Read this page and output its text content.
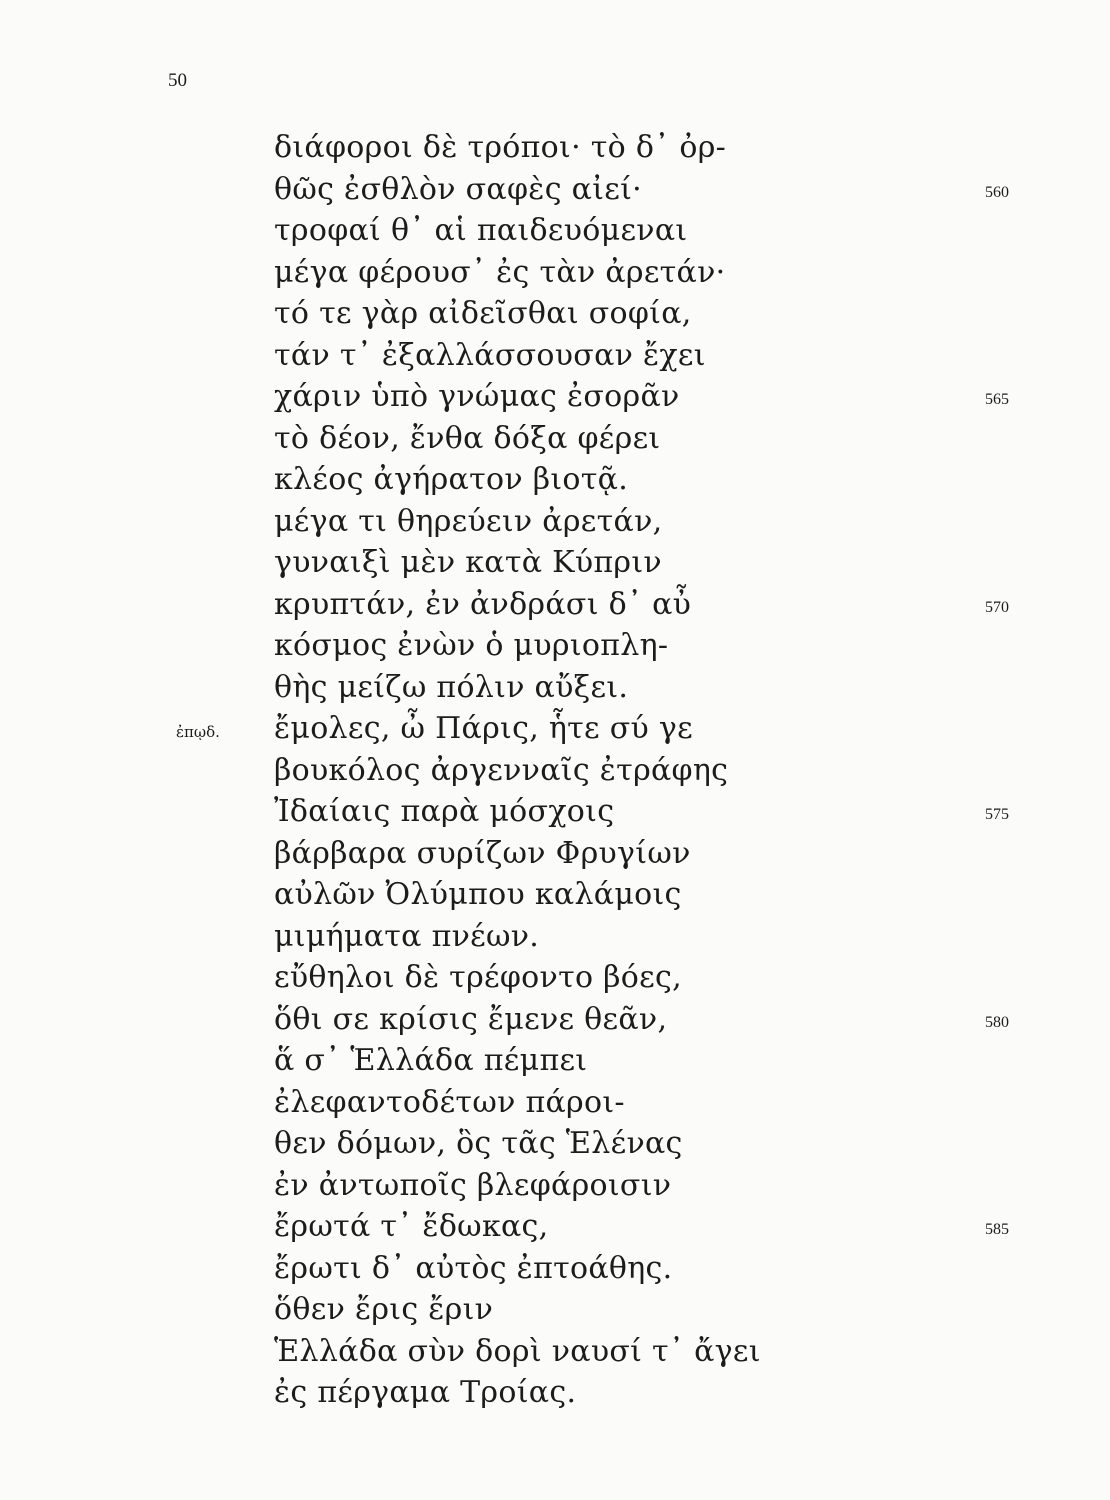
50
διάφοροι δὲ τρόποι· τὸ δ᾽ ὀρ-
θῶς ἐσθλὸν σαφὲς αἰεί·
τροφαί θ᾽ αἱ παιδευόμεναι
μέγα φέρουσ᾽ ἐς τὰν ἀρετάν·
τό τε γὰρ αἰδεῖσθαι σοφία,
τάν τ᾽ ἐξαλλάσσουσαν ἔχει
χάριν ὑπὸ γνώμας ἐσορᾶν
τὸ δέον, ἔνθα δόξα φέρει
κλέος ἀγήρατον βιοτᾷ.
μέγα τι θηρεύειν ἀρετάν,
γυναιξὶ μὲν κατὰ Κύπριν
κρυπτάν, ἐν ἀνδράσι δ᾽ αὖ
κόσμος ἐνὼν ὁ μυριοπλη-
θὴς μείζω πόλιν αὔξει.
ἔμολες, ὦ Πάρις, ἧτε σύ γε
βουκόλος ἀργενναῖς ἐτράφης
Ἰδαίαις παρὰ μόσχοις
βάρβαρα συρίζων Φρυγίων
αὐλῶν Ὀλύμπου καλάμοις
μιμήματα πνέων.
εὔθηλοι δὲ τρέφοντο βόες,
ὅθι σε κρίσις ἔμενε θεᾶν,
ἅ σ᾽ Ἑλλάδα πέμπει
ἐλεφαντοδέτων πάροι-
θεν δόμων, ὃς τᾶς Ἑλένας
ἐν ἀντωποῖς βλεφάροισιν
ἔρωτά τ᾽ ἔδωκας,
ἔρωτι δ᾽ αὐτὸς ἐπτοάθης.
ὅθεν ἔρις ἔριν
Ἑλλάδα σὺν δορὶ ναυσί τ᾽ ἄγει
ἐς πέργαμα Τροίας.
ἐπῳδ.
560
565
570
575
580
585
